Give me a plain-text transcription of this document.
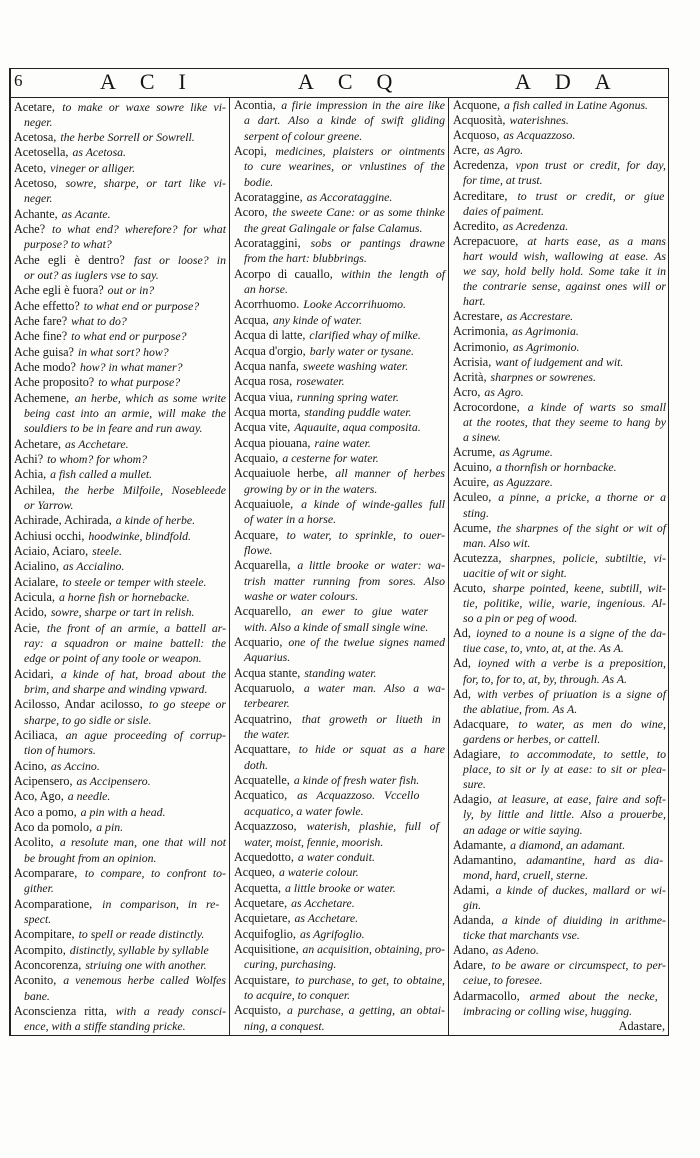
6	ACI	ACQ	ADA
Acetare, to make or waxe sowre like vi-
neger.
Acetosa, the herbe Sorrell or Sowrell.
Acetosella, as Acetosa.
Aceto, vineger or alliger.
Acetoso, sowre, sharpe, or tart like vi-
neger.
Achante, as Acante.
Ache? to what end? wherefore? for what
purpose? to what?
Ache egli è dentro? fast or loose? in
or out? as iuglers vse to say.
Ache egli è fuora? out or in?
Ache effetto? to what end or purpose?
Ache fare? what to do?
Ache fine? to what end or purpose?
Ache guisa? in what sort? how?
Ache modo? how? in what maner?
Ache proposito? to what purpose?
Achemene, an herbe, which as some write
being cast into an armie, will make the
souldiers to be in feare and run away.
Achetare, as Acchetare.
Achi? to whom? for whom?
Achia, a fish called a mullet.
Achilea, the herbe Milfoile, Nosebleede
or Yarrow.
Achirade, Achirada, a kinde of herbe.
Achiusi occhi, hoodwinke, blindfold.
Aciaio, Aciaro, steele.
Acialino, as Accialino.
Acialare, to steele or temper with steele.
Acicula, a horne fish or hornebacke.
Acido, sowre, sharpe or tart in relish.
Acie, the front of an armie, a battell ar-
ray: a squadron or maine battell: the
edge or point of any toole or weapon.
Acidari, a kinde of hat, broad about the
brim, and sharpe and winding vpward.
Acilosso, Andar acilosso, to go steepe or
sharpe, to go sidle or sisle.
Aciliaca, an ague proceeding of corrup-
tion of humors.
Acino, as Accino.
Acipensero, as Accipensero.
Aco, Ago, a needle.
Aco a pomo, a pin with a head.
Aco da pomolo, a pin.
Acolito, a resolute man, one that will not
be brought from an opinion.
Acomparare, to compare, to confront to-
gither.
Acomparatione, in comparison, in re-
spect.
Acompitare, to spell or reade distinctly.
Acompito, distinctly, syllable by syllable
Aconcorenza, striuing one with another.
Aconito, a venemous herbe called Wolfes
bane.
Aconscienza ritta, with a ready consci-
ence, with a stiffe standing pricke.
Acontia, a firie impression in the aire like
a dart. Also a kinde of swift gliding
serpent of colour greene.
Acopi, medicines, plaisters or ointments
to cure wearines, or vnlustines of the
bodie.
Acorataggine, as Accorataggine.
Acoro, the sweete Cane: or as some thinke
the great Galingale or false Calamus.
Acorataggini, sobs or pantings drawne
from the hart: blubbrings.
Acorpo di cauallo, within the length of
an horse.
Acorrhuomo. Looke Accorrihuomo.
Acqua, any kinde of water.
Acqua di latte, clarified whay of milke.
Acqua d'orgio, barly water or tysane.
Acqua nanfa, sweete washing water.
Acqua rosa, rosewater.
Acqua viua, running spring water.
Acqua morta, standing puddle water.
Acqua vite, Aquauite, aqua composita.
Acqua piouana, raine water.
Acquaio, a cesterne for water.
Acquaiuole herbe, all manner of herbes
growing by or in the waters.
Acquaiuole, a kinde of winde-galles full
of water in a horse.
Acquare, to water, to sprinkle, to ouer-
flowe.
Acquarella, a little brooke or water: wa-
trish matter running from sores. Also
washe or water colours.
Acquarello, an ewer to giue water
with. Also a kinde of small single wine.
Acquario, one of the twelue signes named
Aquarius.
Acqua stante, standing water.
Acquaruolo, a water man. Also a wa-
terbearer.
Acquatrino, that groweth or liueth in
the water.
Acquattare, to hide or squat as a hare
doth.
Acquatelle, a kinde of fresh water fish.
Acquatico, as Acquazzoso. Vccello
acquatico, a water fowle.
Acquazzoso, waterish, plashie, full of
water, moist, fennie, moorish.
Acquedotto, a water conduit.
Acqueo, a waterie colour.
Acquetta, a little brooke or water.
Acquetare, as Acchetare.
Acquietare, as Acchetare.
Acquifoglio, as Agrifoglio.
Acquisitione, an acquisition, obtaining, pro-
curing, purchasing.
Acquistare, to purchase, to get, to obtaine,
to acquire, to conquer.
Acquisto, a purchase, a getting, an obtai-
ning, a conquest.
Acquone, a fish called in Latine Agonus.
Acquosità, waterishnes.
Acquoso, as Acquazzoso.
Acre, as Agro.
Acredenza, vpon trust or credit, for day,
for time, at trust.
Acreditare, to trust or credit, or giue
daies of paiment.
Acredito, as Acredenza.
Acrepacuore, at harts ease, as a mans
hart would wish, wallowing at ease. As
we say, hold belly hold. Some take it in
the contrarie sense, against ones will or
hart.
Acrestare, as Accrestare.
Acrimonia, as Agrimonia.
Acrimonio, as Agrimonio.
Acrisia, want of iudgement and wit.
Acrità, sharpnes or sowrenes.
Acro, as Agro.
Acrocordone, a kinde of warts so small
at the rootes, that they seeme to hang by
a sinew.
Acrume, as Agrume.
Acuino, a thornfish or hornbacke.
Acuire, as Aguzzare.
Aculeo, a pinne, a pricke, a thorne or a
sting.
Acume, the sharpnes of the sight or wit of
man. Also wit.
Acutezza, sharpnes, policie, subtiltie, vi-
uacitie of wit or sight.
Acuto, sharpe pointed, keene, subtill, wit-
tie, politike, wilie, warie, ingenious. Al-
so a pin or peg of wood.
Ad, ioyned to a noune is a signe of the da-
tiue case, to, vnto, at, at the. As A.
Ad, ioyned with a verbe is a preposition,
for, to, for to, at, by, through. As A.
Ad, with verbes of priuation is a signe of
the ablatiue, from. As A.
Adacquare, to water, as men do wine,
gardens or herbes, or cattell.
Adagiare, to accommodate, to settle, to
place, to sit or ly at ease: to sit or plea-
sure.
Adagio, at leasure, at ease, faire and soft-
ly, by little and little. Also a prouerbe,
an adage or witie saying.
Adamante, a diamond, an adamant.
Adamantino, adamantine, hard as dia-
mond, hard, cruell, sterne.
Adami, a kinde of duckes, mallard or wi-
gin.
Adanda, a kinde of diuiding in arithme-
ticke that marchants vse.
Adano, as Adeno.
Adare, to be aware or circumspect, to per-
ceiue, to foresee.
Adarmacollo, armed about the necke,
imbracing or colling wise, hugging.
Adastare,
